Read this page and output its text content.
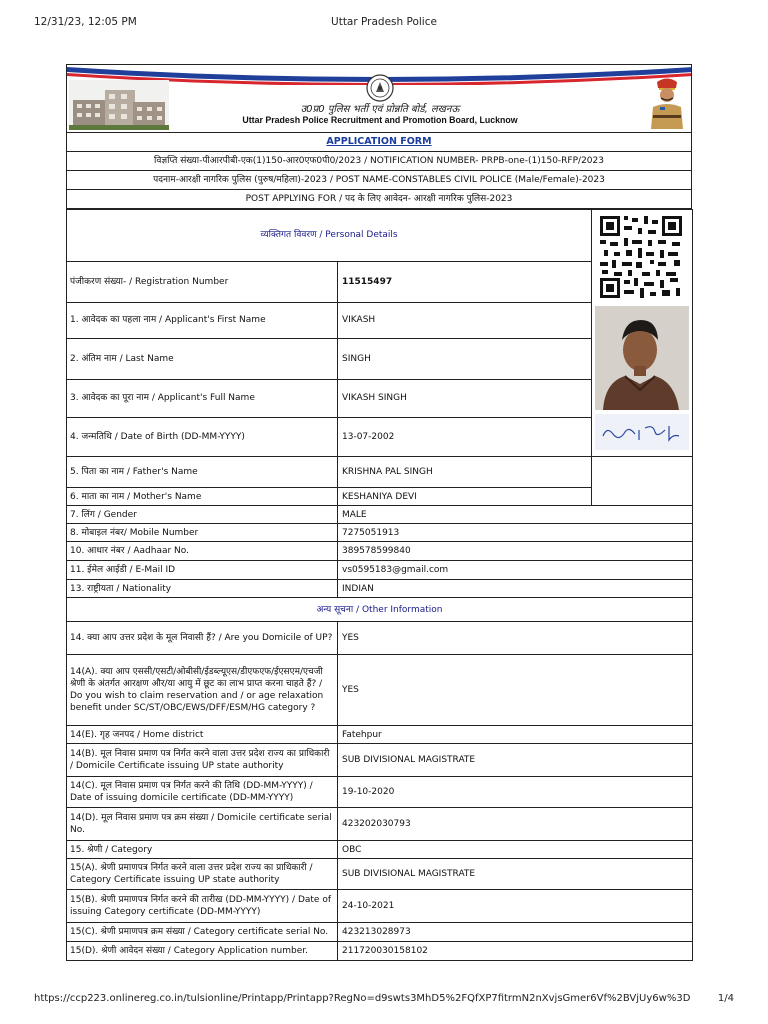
12/31/23, 12:05 PM	Uttar Pradesh Police
उ0प्र0 पुलिस भर्ती एवं प्रोन्नति बोर्ड, लखनऊ
Uttar Pradesh Police Recruitment and Promotion Board, Lucknow
APPLICATION FORM
विज्ञप्ति संख्या-पीआरपीबी-एक(1)150-आर0एफ0पी0/2023 / NOTIFICATION NUMBER- PRPB-one-(1)150-RFP/2023
पदनाम-आरक्षी नागरिक पुलिस (पुरुष/महिला)-2023 / POST NAME-CONSTABLES CIVIL POLICE (Male/Female)-2023
POST APPLYING FOR / पद के लिए आवेदन- आरक्षी नागरिक पुलिस-2023
व्यक्तिगत विवरण / Personal Details	

पंजीकरण संख्या- / Registration Number	11515497	
1. आवेदक का पहला नाम / Applicant's First Name	VIKASH	
2. अंतिम नाम / Last Name	SINGH	
3. आवेदक का पूरा नाम / Applicant's Full Name	VIKASH SINGH	
4. जन्मतिथि / Date of Birth (DD-MM-YYYY)	13-07-2002	
5. पिता का नाम / Father's Name	KRISHNA PAL SINGH	
6. माता का नाम / Mother's Name	KESHANIYA DEVI	
7. लिंग / Gender	MALE	
8. मोबाइल नंबर/ Mobile Number	7275051913	
10. आधार नंबर / Aadhaar No.	389578599840	
11. ईमेल आईडी / E-Mail ID	vs0595183@gmail.com	
13. राष्ट्रीयता / Nationality	INDIAN	
अन्य सूचना / Other Information		
14. क्या आप उत्तर प्रदेश के मूल निवासी हैं? / Are you Domicile of UP?	YES	
14(A). क्या आप एससी/एसटी/ओबीसी/ईडब्ल्यूएस/डीएफएफ/ईएसएम/एचजी श्रेणी के अंतर्गत आरक्षण और/या आयु में छूट का लाभ प्राप्त करना चाहते हैं? / Do you wish to claim reservation and / or age relaxation benefit under SC/ST/OBC/EWS/DFF/ESM/HG category ?	YES	
14(E). गृह जनपद / Home district	Fatehpur	
14(B). मूल निवास प्रमाण पत्र निर्गत करने वाला उत्तर प्रदेश राज्य का प्राधिकारी / Domicile Certificate issuing UP state authority	SUB DIVISIONAL MAGISTRATE	
14(C). मूल निवास प्रमाण पत्र निर्गत करने की तिथि (DD-MM-YYYY) / Date of issuing domicile certificate (DD-MM-YYYY)	19-10-2020	
14(D). मूल निवास प्रमाण पत्र क्रम संख्या / Domicile certificate serial No.	423202030793	
15. श्रेणी / Category	OBC	
15(A). श्रेणी प्रमाणपत्र निर्गत करने वाला उत्तर प्रदेश राज्य का प्राधिकारी / Category Certificate issuing UP state authority	SUB DIVISIONAL MAGISTRATE	
15(B). श्रेणी प्रमाणपत्र निर्गत करने की तारीख (DD-MM-YYYY) / Date of issuing Category certificate (DD-MM-YYYY)	24-10-2021	
15(C). श्रेणी प्रमाणपत्र क्रम संख्या / Category certificate serial No.	423213028973	
15(D). श्रेणी आवेदन संख्या / Category Application number.	211720030158102	
https://ccp223.onlinereg.co.in/tulsionline/Printapp/Printapp?RegNo=d9swts3MhD5%2FQfXP7fitrmN2nXvjsGmer6Vf%2BVjUy6w%3D	1/4
